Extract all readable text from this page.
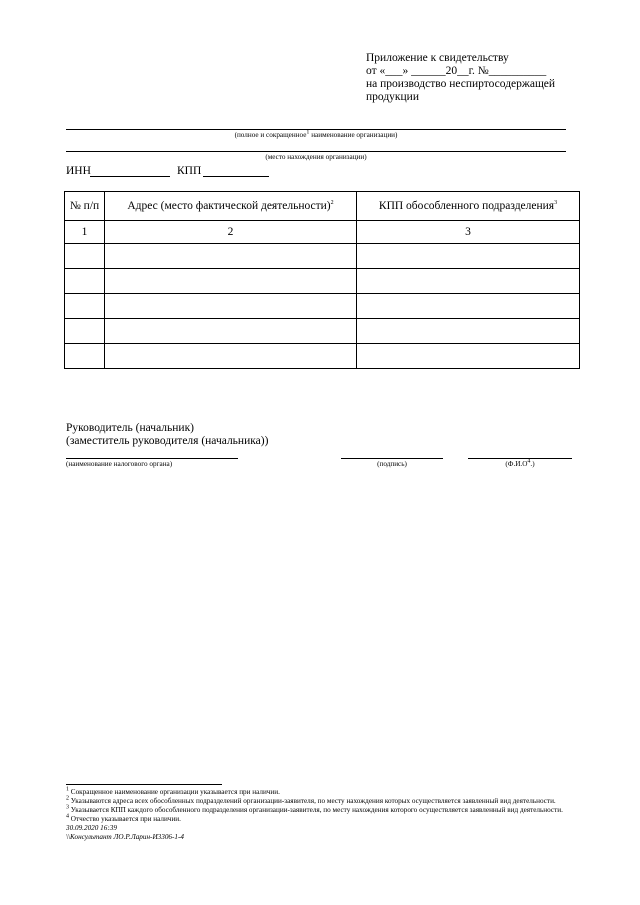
Приложение к свидетельству
от «___» ______20__г. №__________
на производство неспиртосодержащей
продукции
(полное и сокращенное$^1$ наименование организации)
(место нахождения организации)
ИНН	КПП
№ п/п	Адрес (место фактической деятельности)$^2$	КПП обособленного подразделения$^3$
1	2	3

Руководитель (начальник)
(заместитель руководителя (начальника))
(наименование налогового органа)	(подпись)	$(Ф.И.О^4.)$
$^1$ Сокращенное наименование организации указывается при наличии.
$^2$ Указываются адреса всех обособленных подразделений организации-заявителя, по месту нахождения которых осуществляется заявленный вид деятельности.
$^3$ Указывается КПП каждого обособленного подразделения организации-заявителя, по месту нахождения которого осуществляется заявленный вид деятельности.
$^4$ Отчество указывается при наличии.
30.09.2020 16:39
\\Консультант ЛО.Р.Ларин-И3306-1-4
